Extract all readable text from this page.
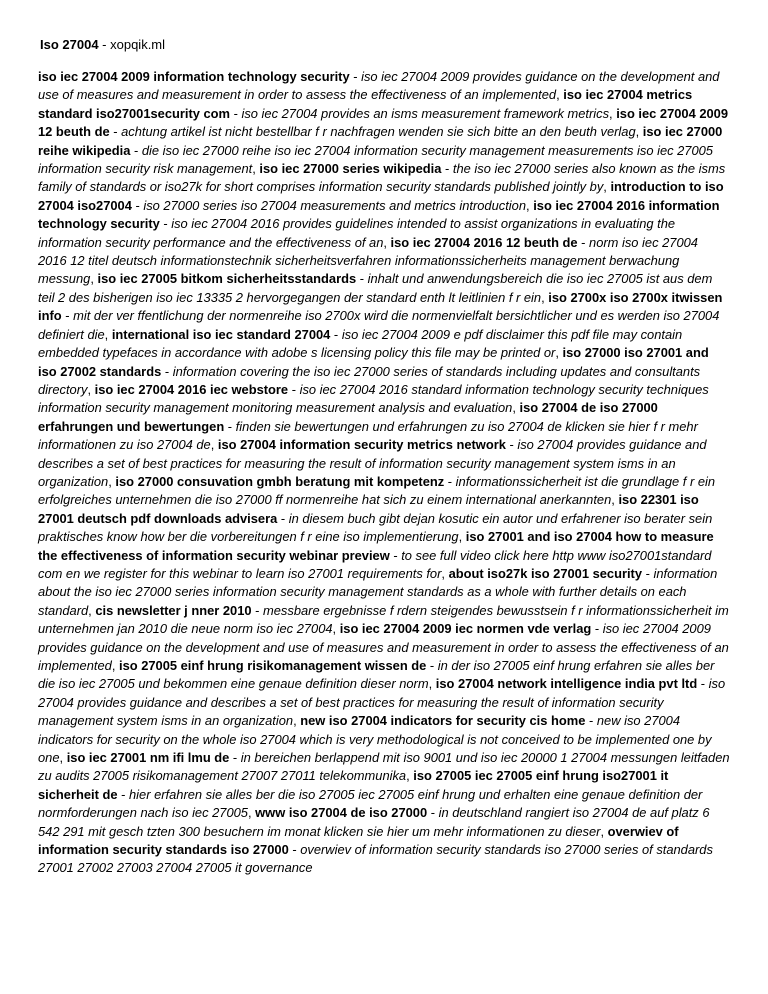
Iso 27004 - xopqik.ml
iso iec 27004 2009 information technology security - iso iec 27004 2009 provides guidance on the development and use of measures and measurement in order to assess the effectiveness of an implemented, iso iec 27004 metrics standard iso27001security com - iso iec 27004 provides an isms measurement framework metrics, iso iec 27004 2009 12 beuth de - achtung artikel ist nicht bestellbar f r nachfragen wenden sie sich bitte an den beuth verlag, iso iec 27000 reihe wikipedia - die iso iec 27000 reihe iso iec 27004 information security management measurements iso iec 27005 information security risk management, iso iec 27000 series wikipedia - the iso iec 27000 series also known as the isms family of standards or iso27k for short comprises information security standards published jointly by, introduction to iso 27004 iso27004 - iso 27000 series iso 27004 measurements and metrics introduction, iso iec 27004 2016 information technology security - iso iec 27004 2016 provides guidelines intended to assist organizations in evaluating the information security performance and the effectiveness of an, iso iec 27004 2016 12 beuth de - norm iso iec 27004 2016 12 titel deutsch informationstechnik sicherheitsverfahren informationssicherheits management berwachung messung, iso iec 27005 bitkom sicherheitsstandards - inhalt und anwendungsbereich die iso iec 27005 ist aus dem teil 2 des bisherigen iso iec 13335 2 hervorgegangen der standard enth lt leitlinien f r ein, iso 2700x iso 2700x itwissen info - mit der ver ffentlichung der normenreihe iso 2700x wird die normenvielfalt bersichtlicher und es werden iso 27004 definiert die, international iso iec standard 27004 - iso iec 27004 2009 e pdf disclaimer this pdf file may contain embedded typefaces in accordance with adobe s licensing policy this file may be printed or, iso 27000 iso 27001 and iso 27002 standards - information covering the iso iec 27000 series of standards including updates and consultants directory, iso iec 27004 2016 iec webstore - iso iec 27004 2016 standard information technology security techniques information security management monitoring measurement analysis and evaluation, iso 27004 de iso 27000 erfahrungen und bewertungen - finden sie bewertungen und erfahrungen zu iso 27004 de klicken sie hier f r mehr informationen zu iso 27004 de, iso 27004 information security metrics network - iso 27004 provides guidance and describes a set of best practices for measuring the result of information security management system isms in an organization, iso 27000 consuvation gmbh beratung mit kompetenz - informationssicherheit ist die grundlage f r ein erfolgreiches unternehmen die iso 27000 ff normenreihe hat sich zu einem international anerkannten, iso 22301 iso 27001 deutsch pdf downloads advisera - in diesem buch gibt dejan kosutic ein autor und erfahrener iso berater sein praktisches know how ber die vorbereitungen f r eine iso implementierung, iso 27001 and iso 27004 how to measure the effectiveness of information security webinar preview - to see full video click here http www iso27001standard com en we register for this webinar to learn iso 27001 requirements for, about iso27k iso 27001 security - information about the iso iec 27000 series information security management standards as a whole with further details on each standard, cis newsletter j nner 2010 - messbare ergebnisse f rdern steigendes bewusstsein f r informationssicherheit im unternehmen jan 2010 die neue norm iso iec 27004, iso iec 27004 2009 iec normen vde verlag - iso iec 27004 2009 provides guidance on the development and use of measures and measurement in order to assess the effectiveness of an implemented, iso 27005 einf hrung risikomanagement wissen de - in der iso 27005 einf hrung erfahren sie alles ber die iso iec 27005 und bekommen eine genaue definition dieser norm, iso 27004 network intelligence india pvt ltd - iso 27004 provides guidance and describes a set of best practices for measuring the result of information security management system isms in an organization, new iso 27004 indicators for security cis home - new iso 27004 indicators for security on the whole iso 27004 which is very methodological is not conceived to be implemented one by one, iso iec 27001 nm ifi lmu de - in bereichen berlappend mit iso 9001 und iso iec 20000 1 27004 messungen leitfaden zu audits 27005 risikomanagement 27007 27011 telekommunika, iso 27005 iec 27005 einf hrung iso27001 it sicherheit de - hier erfahren sie alles ber die iso 27005 iec 27005 einf hrung und erhalten eine genaue definition der normforderungen nach iso iec 27005, www iso 27004 de iso 27000 - in deutschland rangiert iso 27004 de auf platz 6 542 291 mit gesch tzten 300 besuchern im monat klicken sie hier um mehr informationen zu dieser, overwiev of information security standards iso 27000 - overwiev of information security standards iso 27000 series of standards 27001 27002 27003 27004 27005 it governance
